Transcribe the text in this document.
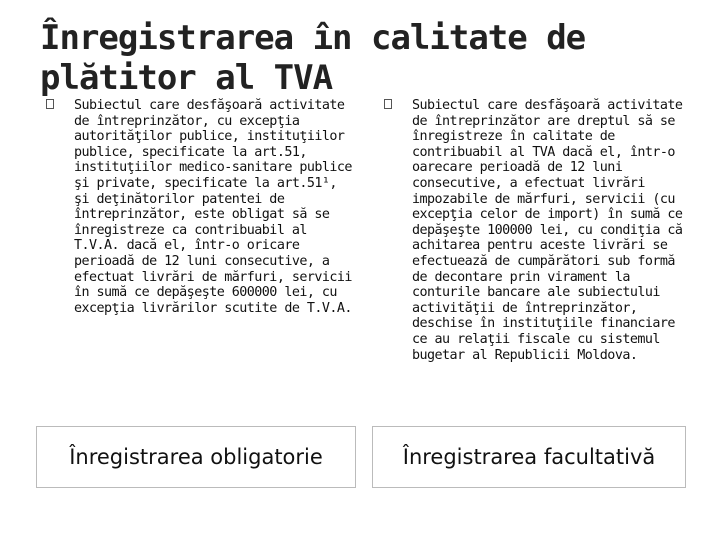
Înregistrarea în calitate de plătitor al TVA

Subiectul care desfăşoară activitate de întreprinzător, cu excepţia autorităţilor publice, instituţiilor publice, specificate la art.51, instituţiilor medico-sanitare publice şi private, specificate la art.51¹, şi deţinătorilor patentei de întreprinzător, este obligat să se înregistreze ca contribuabil al T.V.A. dacă el, într-o oricare perioadă de 12 luni consecutive, a efectuat livrări de mărfuri, servicii în sumă ce depăşeşte 600000 lei, cu excepţia livrărilor scutite de T.V.A.

Subiectul care desfăşoară activitate de întreprinzător are dreptul să se înregistreze în calitate de contribuabil al TVA dacă el, într-o oarecare perioadă de 12 luni consecutive, a efectuat livrări impozabile de mărfuri, servicii (cu excepţia celor de import) în sumă ce depăşeşte 100000 lei, cu condiţia că achitarea pentru aceste livrări se efectuează de cumpărători sub formă de decontare prin virament la conturile bancare ale subiectului activităţii de întreprinzător, deschise în instituţiile financiare ce au relaţii fiscale cu sistemul bugetar al Republicii Moldova.

Înregistrarea obligatorie	Înregistrarea facultativă
